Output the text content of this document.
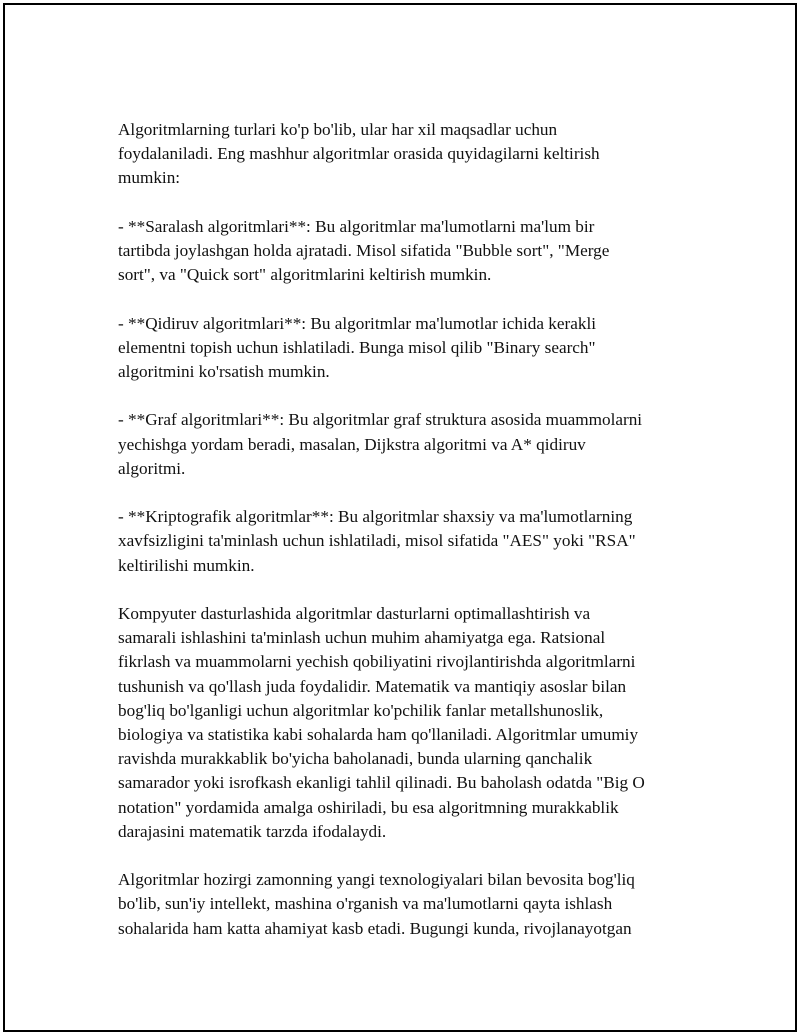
Algoritmlarning turlari ko'p bo'lib, ular har xil maqsadlar uchun
foydalaniladi. Eng mashhur algoritmlar orasida quyidagilarni keltirish
mumkin:

- **Saralash algoritmlari**: Bu algoritmlar ma'lumotlarni ma'lum bir
tartibda joylashgan holda ajratadi. Misol sifatida "Bubble sort", "Merge
sort", va "Quick sort" algoritmlarini keltirish mumkin.

- **Qidiruv algoritmlari**: Bu algoritmlar ma'lumotlar ichida kerakli
elementni topish uchun ishlatiladi. Bunga misol qilib "Binary search"
algoritmini ko'rsatish mumkin.

- **Graf algoritmlari**: Bu algoritmlar graf struktura asosida muammolarni
yechishga yordam beradi, masalan, Dijkstra algoritmi va A* qidiruv
algoritmi.

- **Kriptografik algoritmlar**: Bu algoritmlar shaxsiy va ma'lumotlarning
xavfsizligini ta'minlash uchun ishlatiladi, misol sifatida "AES" yoki "RSA"
keltirilishi mumkin.

Kompyuter dasturlashida algoritmlar dasturlarni optimallashtirish va
samarali ishlashini ta'minlash uchun muhim ahamiyatga ega. Ratsional
fikrlash va muammolarni yechish qobiliyatini rivojlantirishda algoritmlarni
tushunish va qo'llash juda foydalidir. Matematik va mantiqiy asoslar bilan
bog'liq bo'lganligi uchun algoritmlar ko'pchilik fanlar metallshunoslik,
biologiya va statistika kabi sohalarda ham qo'llaniladi. Algoritmlar umumiy
ravishda murakkablik bo'yicha baholanadi, bunda ularning qanchalik
samarador yoki isrofkash ekanligi tahlil qilinadi. Bu baholash odatda "Big O
notation" yordamida amalga oshiriladi, bu esa algoritmning murakkablik
darajasini matematik tarzda ifodalaydi.

Algoritmlar hozirgi zamonning yangi texnologiyalari bilan bevosita bog'liq
bo'lib, sun'iy intellekt, mashina o'rganish va ma'lumotlarni qayta ishlash
sohalarida ham katta ahamiyat kasb etadi. Bugungi kunda, rivojlanayotgan
